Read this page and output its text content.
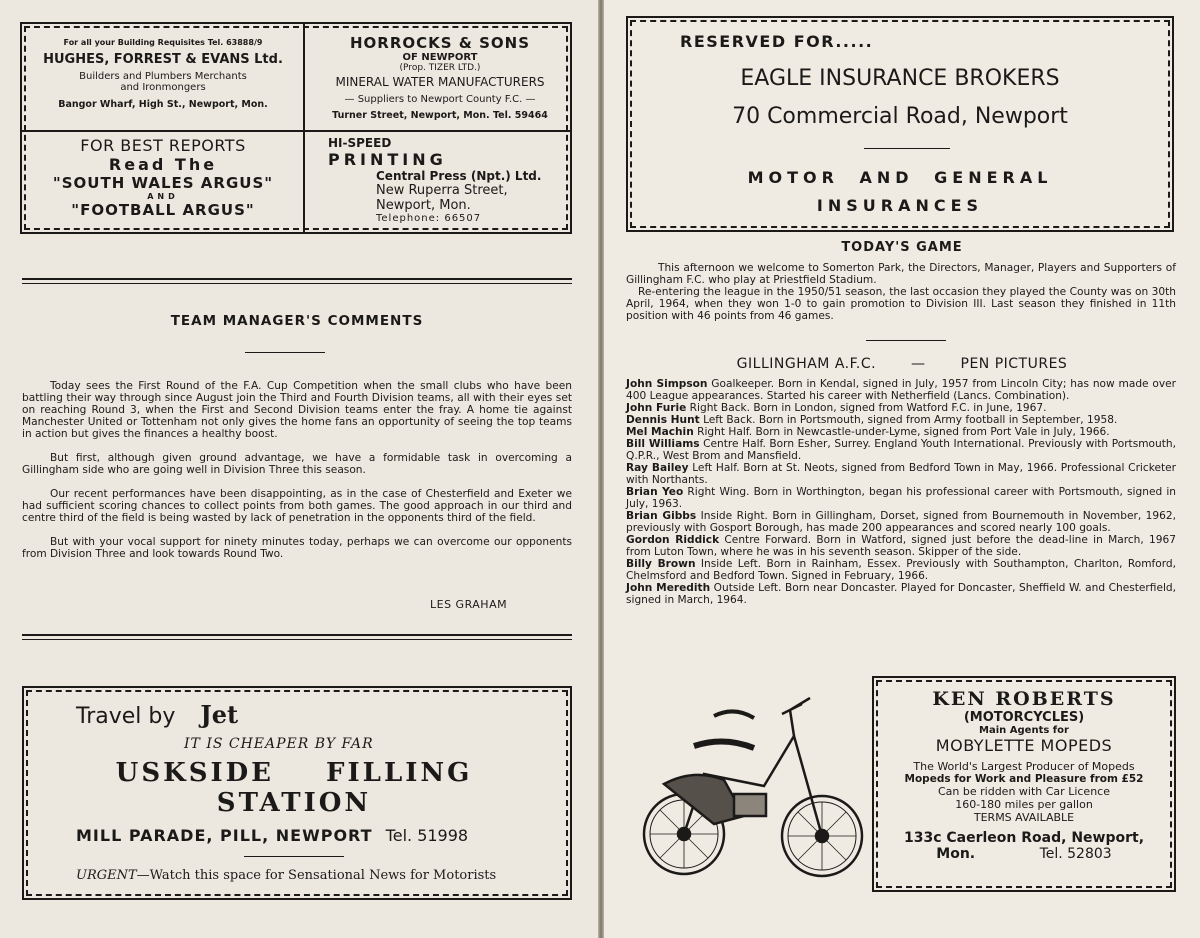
For all your Building Requisites Tel. 63888/9
HUGHES, FORREST & EVANS Ltd.
Builders and Plumbers Merchants
and Ironmongers
Bangor Wharf, High St., Newport, Mon.
HORROCKS & SONS
OF NEWPORT
(Prop. TIZER LTD.)
MINERAL WATER MANUFACTURERS
— Suppliers to Newport County F.C. —
Turner Street, Newport, Mon. Tel. 59464
FOR BEST REPORTS
Read The
"SOUTH WALES ARGUS"
AND
"FOOTBALL ARGUS"
HI-SPEED
PRINTING
Central Press (Npt.) Ltd.
New Ruperra Street,
Newport, Mon.
Telephone: 66507
TEAM MANAGER'S COMMENTS

Today sees the First Round of the F.A. Cup Competition when the small clubs who have been battling their way through since August join the Third and Fourth Division teams, all with their eyes set on reaching Round 3, when the First and Second Division teams enter the fray. A home tie against Manchester United or Tottenham not only gives the home fans an opportunity of seeing the top teams in action but gives the finances a healthy boost.

But first, although given ground advantage, we have a formidable task in overcoming a Gillingham side who are going well in Division Three this season.

Our recent performances have been disappointing, as in the case of Chesterfield and Exeter we had sufficient scoring chances to collect points from both games. The good approach in our third and centre third of the field is being wasted by lack of penetration in the opponents third of the field.

But with your vocal support for ninety minutes today, perhaps we can overcome our opponents from Division Three and look towards Round Two.

LES GRAHAM
Travel by Jet
IT IS CHEAPER BY FAR
USKSIDE FILLING
STATION
MILL PARADE, PILL, NEWPORT Tel. 51998
URGENT—Watch this space for Sensational News for Motorists
RESERVED FOR.....
EAGLE INSURANCE BROKERS
70 Commercial Road, Newport
MOTOR AND GENERAL
INSURANCES
TODAY'S GAME

This afternoon we welcome to Somerton Park, the Directors, Manager, Players and Supporters of Gillingham F.C. who play at Priestfield Stadium.

Re-entering the league in the 1950/51 season, the last occasion they played the County was on 30th April, 1964, when they won 1-0 to gain promotion to Division III. Last season they finished in 11th position with 46 points from 46 games.

GILLINGHAM A.F.C. — PEN PICTURES

John Simpson Goalkeeper. Born in Kendal, signed in July, 1957 from Lincoln City; has now made over 400 League appearances. Started his career with Netherfield (Lancs. Combination).

John Furie Right Back. Born in London, signed from Watford F.C. in June, 1967.

Dennis Hunt Left Back. Born in Portsmouth, signed from Army football in September, 1958.

Mel Machin Right Half. Born in Newcastle-under-Lyme, signed from Port Vale in July, 1966.

Bill Williams Centre Half. Born Esher, Surrey. England Youth International. Previously with Portsmouth, Q.P.R., West Brom and Mansfield.

Ray Bailey Left Half. Born at St. Neots, signed from Bedford Town in May, 1966. Professional Cricketer with Northants.

Brian Yeo Right Wing. Born in Worthington, began his professional career with Portsmouth, signed in July, 1963.

Brian Gibbs Inside Right. Born in Gillingham, Dorset, signed from Bournemouth in November, 1962, previously with Gosport Borough, has made 200 appearances and scored nearly 100 goals.

Gordon Riddick Centre Forward. Born in Watford, signed just before the dead-line in March, 1967 from Luton Town, where he was in his seventh season. Skipper of the side.

Billy Brown Inside Left. Born in Rainham, Essex. Previously with Southampton, Charlton, Romford, Chelmsford and Bedford Town. Signed in February, 1966.

John Meredith Outside Left. Born near Doncaster. Played for Doncaster, Sheffield W. and Chesterfield, signed in March, 1964.

KEN ROBERTS
(MOTORCYCLES)
Main Agents for
MOBYLETTE MOPEDS
The World's Largest Producer of Mopeds
Mopeds for Work and Pleasure from £52
Can be ridden with Car Licence
160-180 miles per gallon
TERMS AVAILABLE
133c Caerleon Road, Newport,
Mon.	Tel. 52803
